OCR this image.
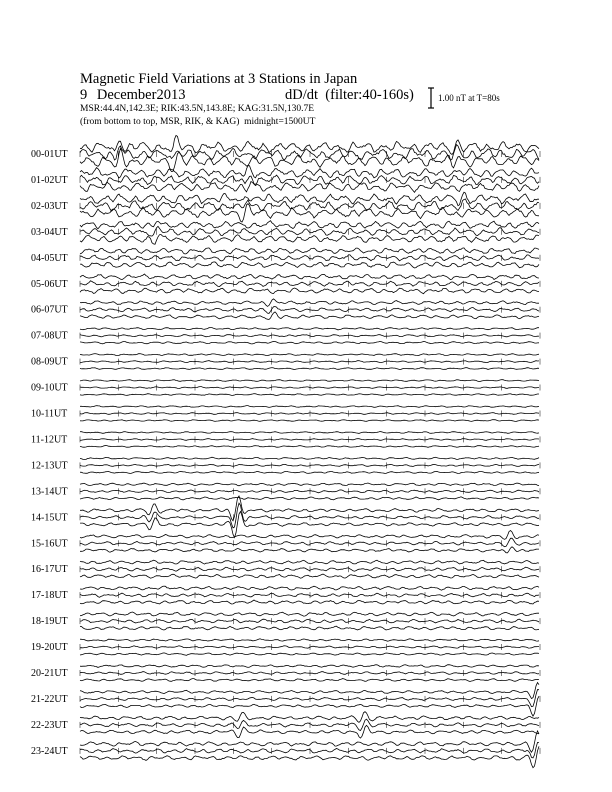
Magnetic Field Variations at 3 Stations in Japan
9 December2013	dD/dt (filter:40-160s)
MSR:44.4N,142.3E; RIK:43.5N,143.8E; KAG:31.5N,130.7E
(from bottom to top, MSR, RIK, & KAG) midnight=1500UT
1.00 nT at T=80s
00-01UT
01-02UT
02-03UT
03-04UT
04-05UT
05-06UT
06-07UT
07-08UT
08-09UT
09-10UT
10-11UT
11-12UT
12-13UT
13-14UT
14-15UT
15-16UT
16-17UT
17-18UT
18-19UT
19-20UT
20-21UT
21-22UT
22-23UT
23-24UT
